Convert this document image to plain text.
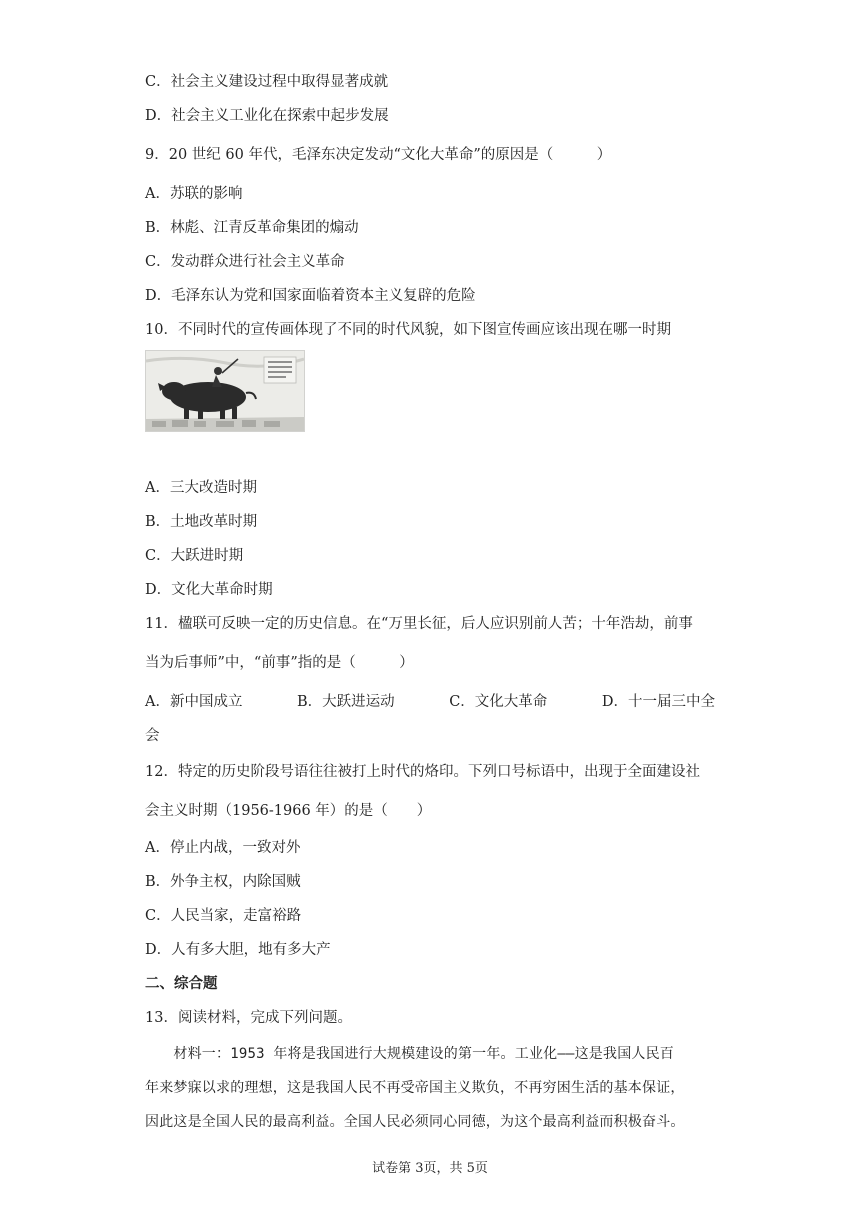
C．社会主义建设过程中取得显著成就
D．社会主义工业化在探索中起步发展
9．20 世纪 60 年代，毛泽东决定发动“文化大革命”的原因是（　　　）
A．苏联的影响
B．林彪、江青反革命集团的煽动
C．发动群众进行社会主义革命
D．毛泽东认为党和国家面临着资本主义复辟的危险
10．不同时代的宣传画体现了不同的时代风貌，如下图宣传画应该出现在哪一时期
A．三大改造时期
B．土地改革时期
C．大跃进时期
D．文化大革命时期
11．楹联可反映一定的历史信息。在“万里长征，后人应识别前人苦；十年浩劫，前事
当为后事师”中，“前事”指的是（　　　）
A．新中国成立	B．大跃进运动	C．文化大革命	D．十一届三中全
会
12．特定的历史阶段号语往往被打上时代的烙印。下列口号标语中，出现于全面建设社
会主义时期（1956-1966 年）的是（　　）
A．停止内战，一致对外
B．外争主权，内除国贼
C．人民当家，走富裕路
D．人有多大胆，地有多大产
二、综合题
13．阅读材料，完成下列问题。
　　材料一：1953 年将是我国进行大规模建设的第一年。工业化——这是我国人民百
年来梦寐以求的理想，这是我国人民不再受帝国主义欺负，不再穷困生活的基本保证，
因此这是全国人民的最高利益。全国人民必须同心同德，为这个最高利益而积极奋斗。
试卷第 3页，共 5页
